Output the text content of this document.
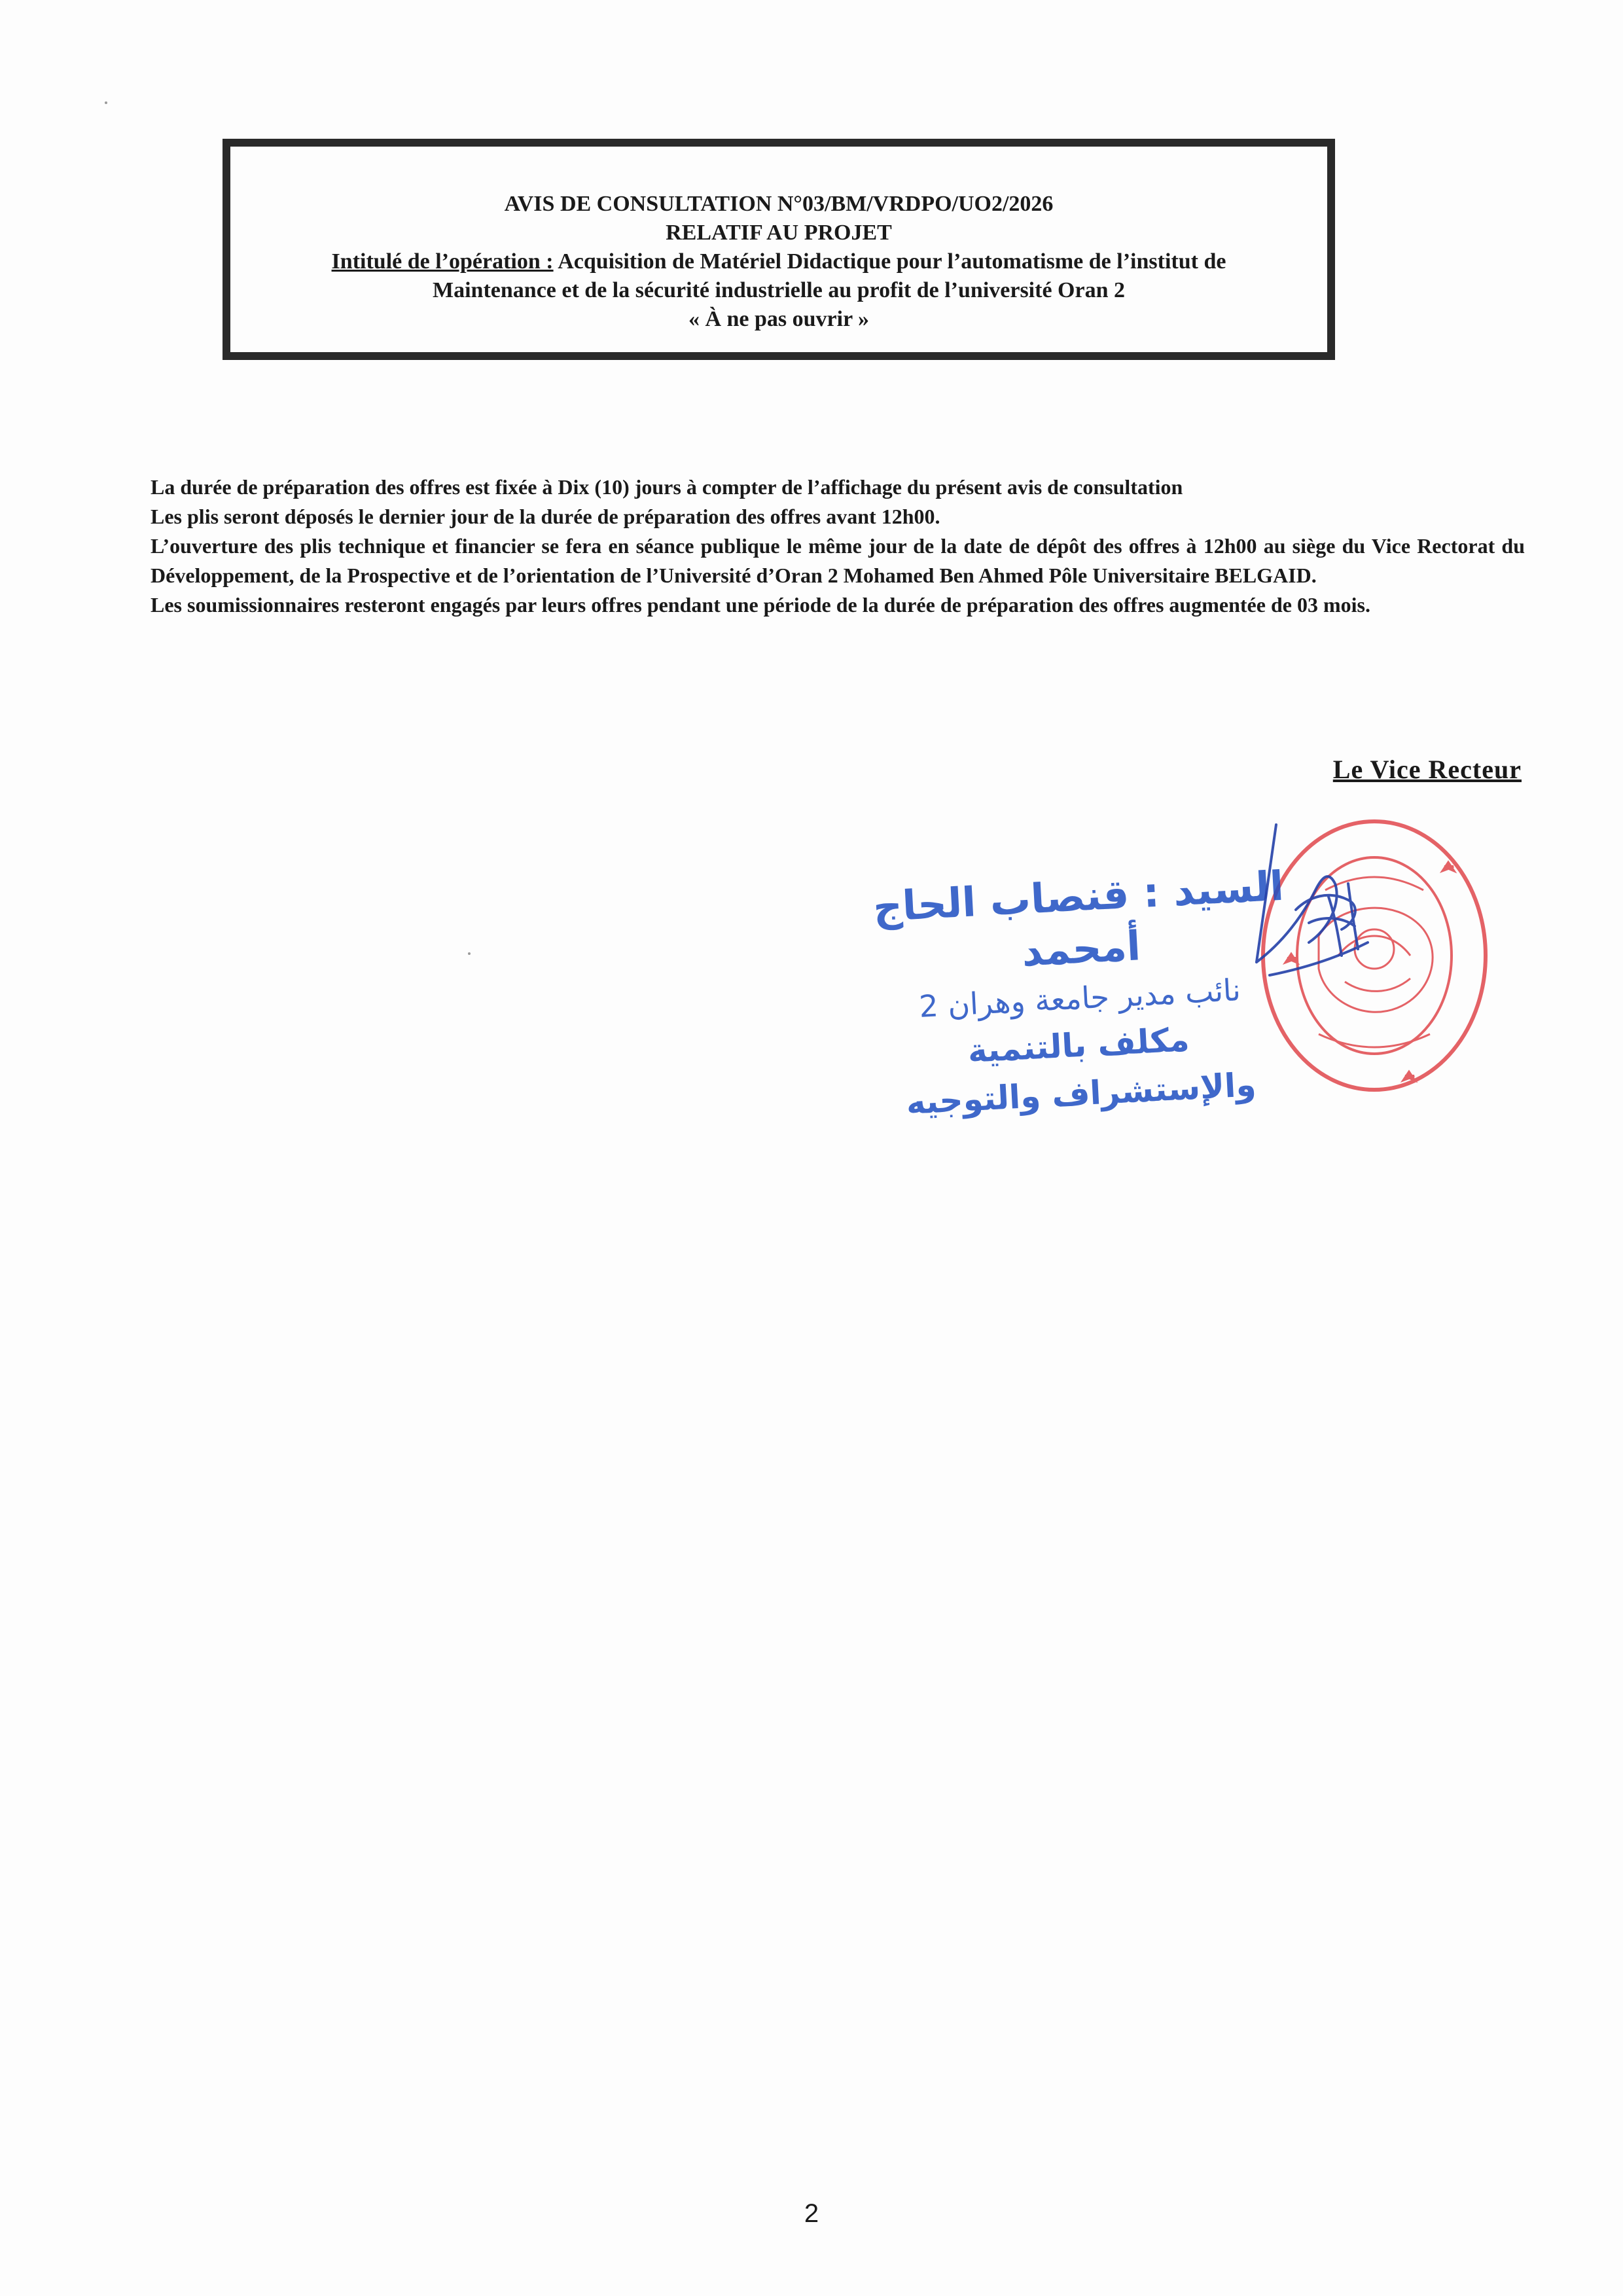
AVIS DE CONSULTATION N°03/BM/VRDPO/UO2/2026
RELATIF AU PROJET
Intitulé de l’opération : Acquisition de Matériel Didactique pour l’automatisme de l’institut de
Maintenance et de la sécurité industrielle au profit de l’université Oran 2
« À ne pas ouvrir »

La durée de préparation des offres est fixée à Dix (10) jours à compter de l’affichage du présent avis de consultation

Les plis seront déposés le dernier jour de la durée de préparation des offres avant 12h00.

L’ouverture des plis technique et financier se fera en séance publique le même jour de la date de dépôt des offres à 12h00 au siège du Vice Rectorat du Développement, de la Prospective et de l’orientation de l’Université d’Oran 2 Mohamed Ben Ahmed Pôle Universitaire BELGAID.

Les soumissionnaires resteront engagés par leurs offres pendant une période de la durée de préparation des offres augmentée de 03 mois.

Le Vice Recteur
السيد : قنصاب الحاج أمحمد
نائب مدير جامعة وهران 2
مكلف بالتنمية والإستشراف والتوجيه
2
